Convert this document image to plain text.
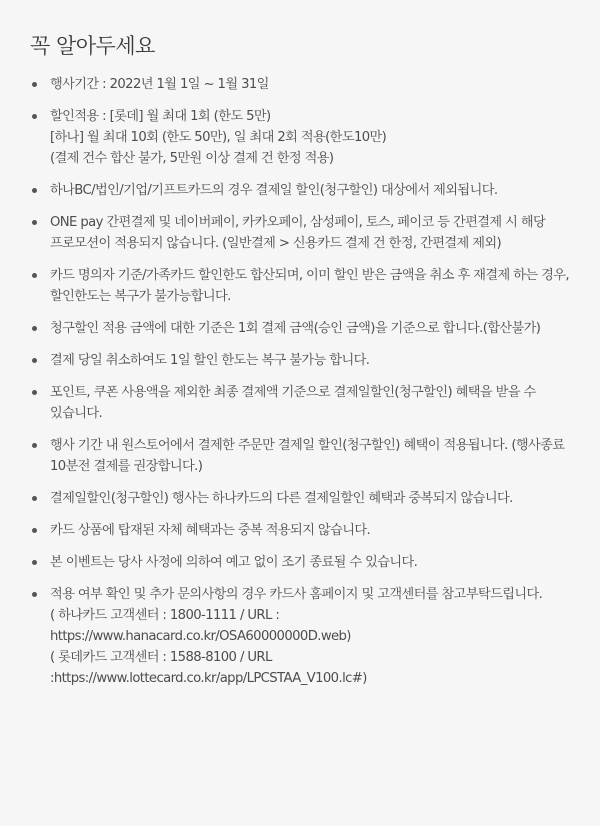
꼭 알아두세요
행사기간 : 2022년 1월 1일 ~ 1월 31일
할인적용 : [롯데] 월 최대 1회 (한도 5만)
[하나] 월 최대 10회 (한도 50만), 일 최대 2회 적용(한도10만)
(결제 건수 합산 불가, 5만원 이상 결제 건 한정 적용)
하나BC/법인/기업/기프트카드의 경우 결제일 할인(청구할인) 대상에서 제외됩니다.
ONE pay 간편결제 및 네이버페이, 카카오페이, 삼성페이, 토스, 페이코 등 간편결제 시 해당 프로모션이 적용되지 않습니다. (일반결제 > 신용카드 결제 건 한정, 간편결제 제외)
카드 명의자 기준/가족카드 할인한도 합산되며, 이미 할인 받은 금액을 취소 후 재결제 하는 경우, 할인한도는 복구가 불가능합니다.
청구할인 적용 금액에 대한 기준은 1회 결제 금액(승인 금액)을 기준으로 합니다.(합산불가)
결제 당일 취소하여도 1일 할인 한도는 복구 불가능 합니다.
포인트, 쿠폰 사용액을 제외한 최종 결제액 기준으로 결제일할인(청구할인) 혜택을 받을 수 있습니다.
행사 기간 내 원스토어에서 결제한 주문만 결제일 할인(청구할인) 혜택이 적용됩니다. (행사종료 10분전 결제를 권장합니다.)
결제일할인(청구할인) 행사는 하나카드의 다른 결제일할인 혜택과 중복되지 않습니다.
카드 상품에 탑재된 자체 혜택과는 중복 적용되지 않습니다.
본 이벤트는 당사 사정에 의하여 예고 없이 조기 종료될 수 있습니다.
적용 여부 확인 및 추가 문의사항의 경우 카드사 홈페이지 및 고객센터를 참고부탁드립니다.
( 하나카드 고객센터 : 1800-1111 / URL :
https://www.hanacard.co.kr/OSA60000000D.web)
( 롯데카드 고객센터 : 1588-8100 / URL
:https://www.lottecard.co.kr/app/LPCSTAA_V100.lc#)
